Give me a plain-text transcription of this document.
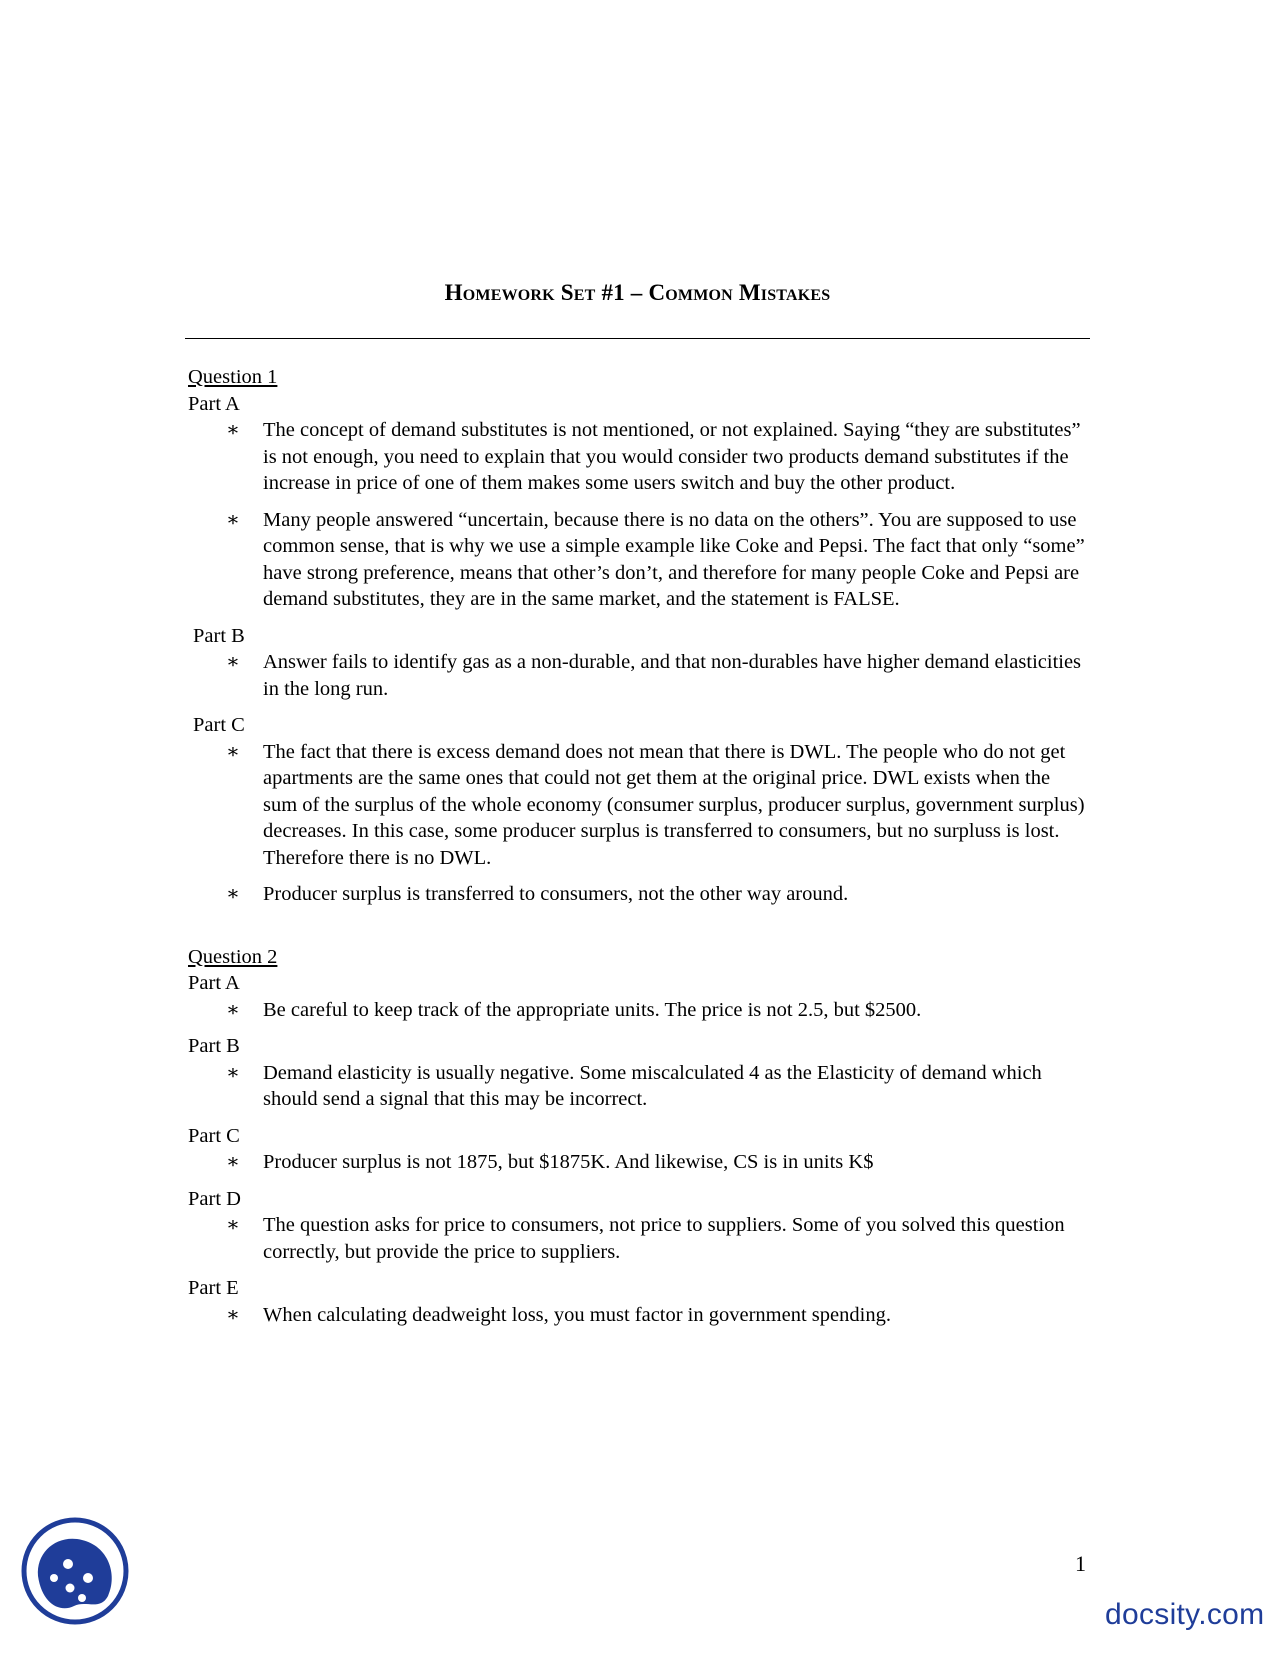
Homework Set #1 – Common Mistakes
Question 1
Part A
∗ The concept of demand substitutes is not mentioned, or not explained. Saying “they are substitutes” is not enough, you need to explain that you would consider two products demand substitutes if the increase in price of one of them makes some users switch and buy the other product.
∗ Many people answered “uncertain, because there is no data on the others”. You are supposed to use common sense, that is why we use a simple example like Coke and Pepsi. The fact that only “some” have strong preference, means that other’s don’t, and therefore for many people Coke and Pepsi are demand substitutes, they are in the same market, and the statement is FALSE.
Part B
∗ Answer fails to identify gas as a non-durable, and that non-durables have higher demand elasticities in the long run.
Part C
∗ The fact that there is excess demand does not mean that there is DWL. The people who do not get apartments are the same ones that could not get them at the original price. DWL exists when the sum of the surplus of the whole economy (consumer surplus, producer surplus, government surplus) decreases. In this case, some producer surplus is transferred to consumers, but no surpluss is lost. Therefore there is no DWL.
∗ Producer surplus is transferred to consumers, not the other way around.
Question 2
Part A
∗ Be careful to keep track of the appropriate units. The price is not 2.5, but $2500.
Part B
∗ Demand elasticity is usually negative. Some miscalculated 4 as the Elasticity of demand which should send a signal that this may be incorrect.
Part C
∗ Producer surplus is not 1875, but $1875K. And likewise, CS is in units K$
Part D
∗ The question asks for price to consumers, not price to suppliers. Some of you solved this question correctly, but provide the price to suppliers.
Part E
∗ When calculating deadweight loss, you must factor in government spending.
1
docsity.com
